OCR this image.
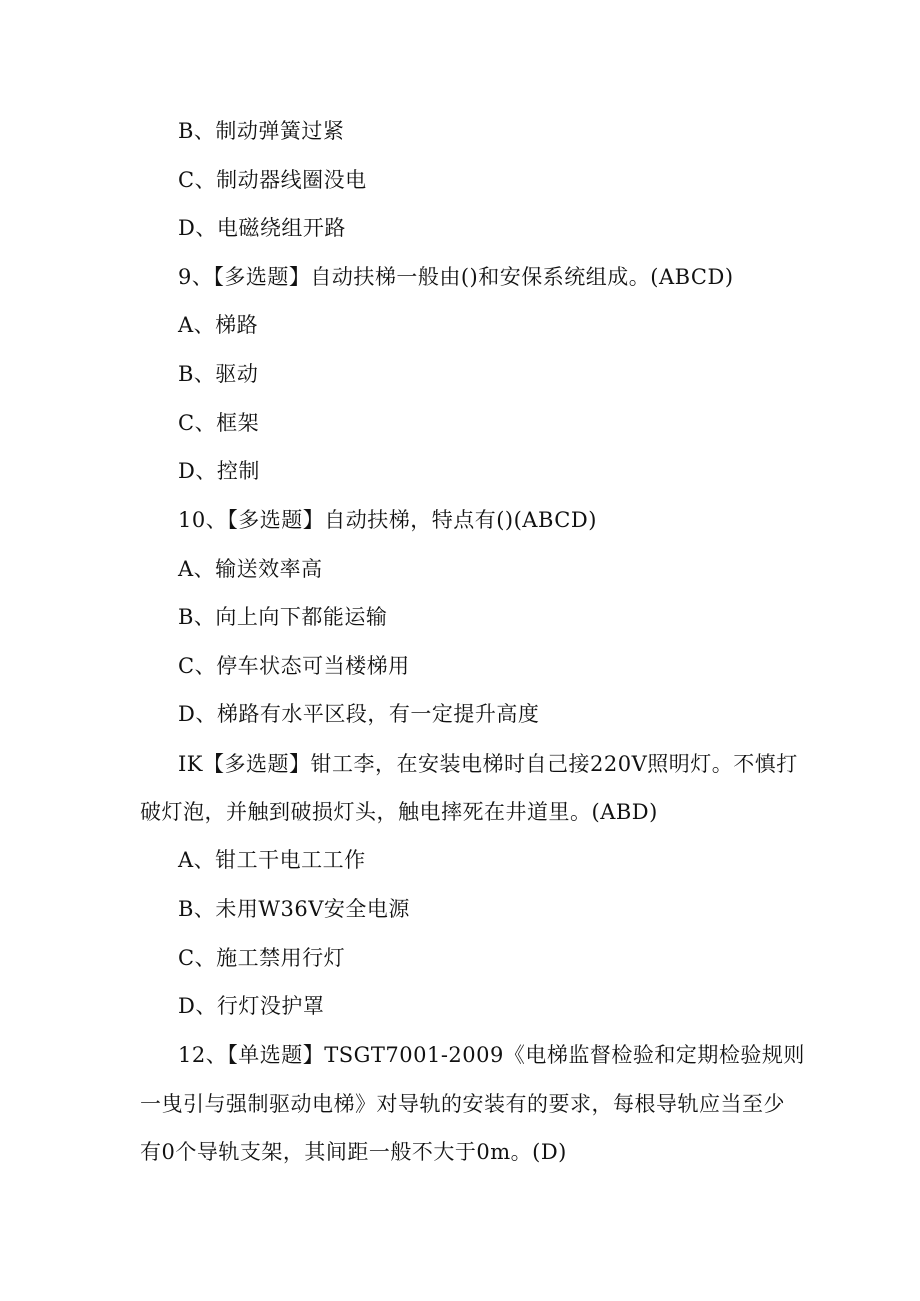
B、制动弹簧过紧
C、制动器线圈没电
D、电磁绕组开路
9、【多选题】自动扶梯一般由()和安保系统组成。(ABCD)
A、梯路
B、驱动
C、框架
D、控制
10、【多选题】自动扶梯，特点有()(ABCD)
A、输送效率高
B、向上向下都能运输
C、停车状态可当楼梯用
D、梯路有水平区段，有一定提升高度
IK【多选题】钳工李，在安装电梯时自己接220V照明灯。不慎打
破灯泡，并触到破损灯头，触电摔死在井道里。(ABD)
A、钳工干电工工作
B、未用W36V安全电源
C、施工禁用行灯
D、行灯没护罩
12、【单选题】TSGT7001-2009《电梯监督检验和定期检验规则
一曳引与强制驱动电梯》对导轨的安装有的要求，每根导轨应当至少
有0个导轨支架，其间距一般不大于0m。(D)
